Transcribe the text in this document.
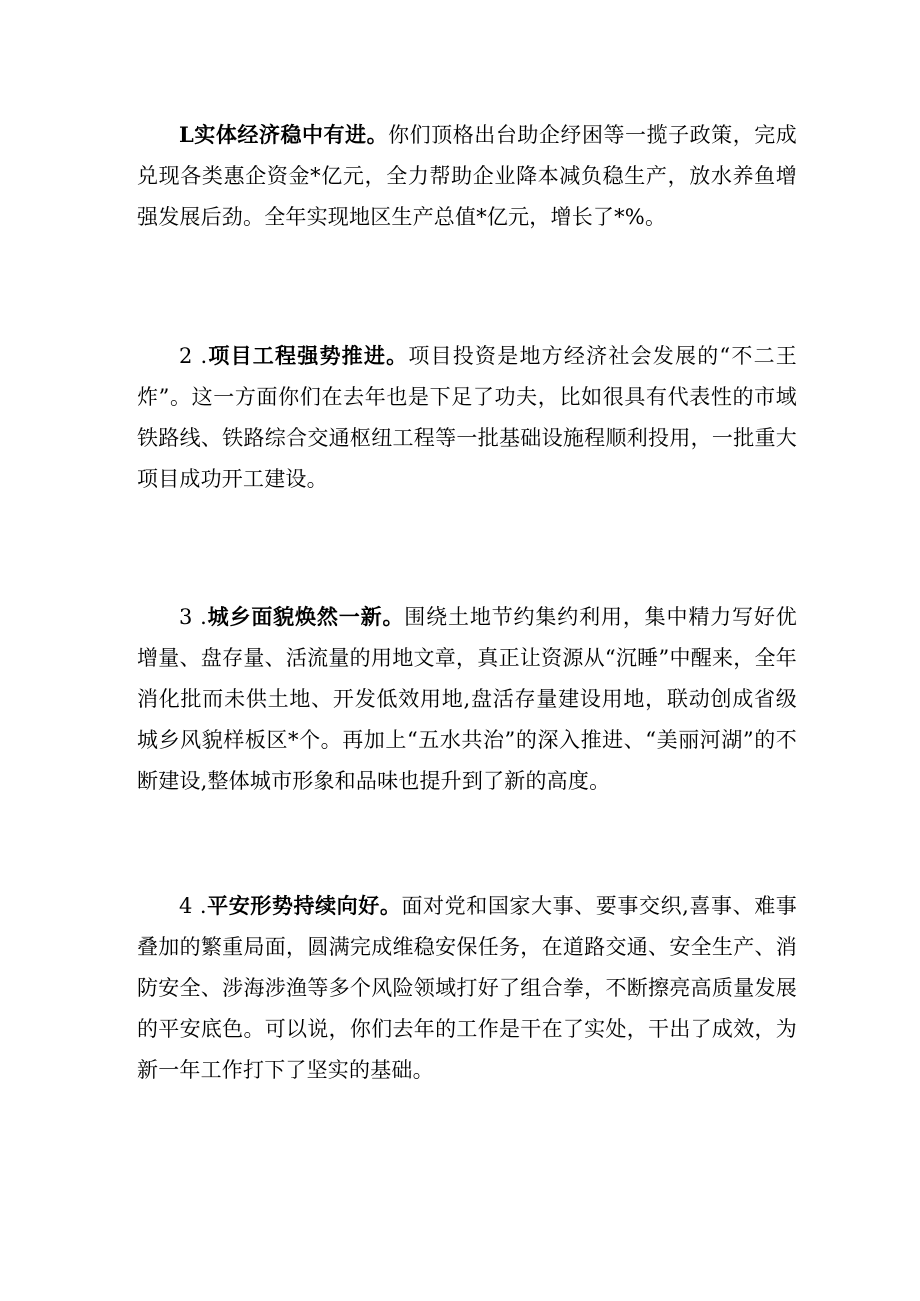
L实体经济稳中有进。你们顶格出台助企纾困等一揽子政策，完成兑现各类惠企资金*亿元，全力帮助企业降本减负稳生产，放水养鱼增强发展后劲。全年实现地区生产总值*亿元，增长了*%。

2 .项目工程强势推进。项目投资是地方经济社会发展的“不二王炸”。这一方面你们在去年也是下足了功夫，比如很具有代表性的市域铁路线、铁路综合交通枢纽工程等一批基础设施程顺利投用，一批重大项目成功开工建设。

3 .城乡面貌焕然一新。围绕土地节约集约利用，集中精力写好优增量、盘存量、活流量的用地文章，真正让资源从“沉睡”中醒来，全年消化批而未供土地、开发低效用地,盘活存量建设用地，联动创成省级城乡风貌样板区*个。再加上“五水共治”的深入推进、“美丽河湖”的不断建设,整体城市形象和品味也提升到了新的高度。

4 .平安形势持续向好。面对党和国家大事、要事交织,喜事、难事叠加的繁重局面，圆满完成维稳安保任务，在道路交通、安全生产、消防安全、涉海涉渔等多个风险领域打好了组合拳，不断擦亮高质量发展的平安底色。可以说，你们去年的工作是干在了实处，干出了成效，为新一年工作打下了坚实的基础。
